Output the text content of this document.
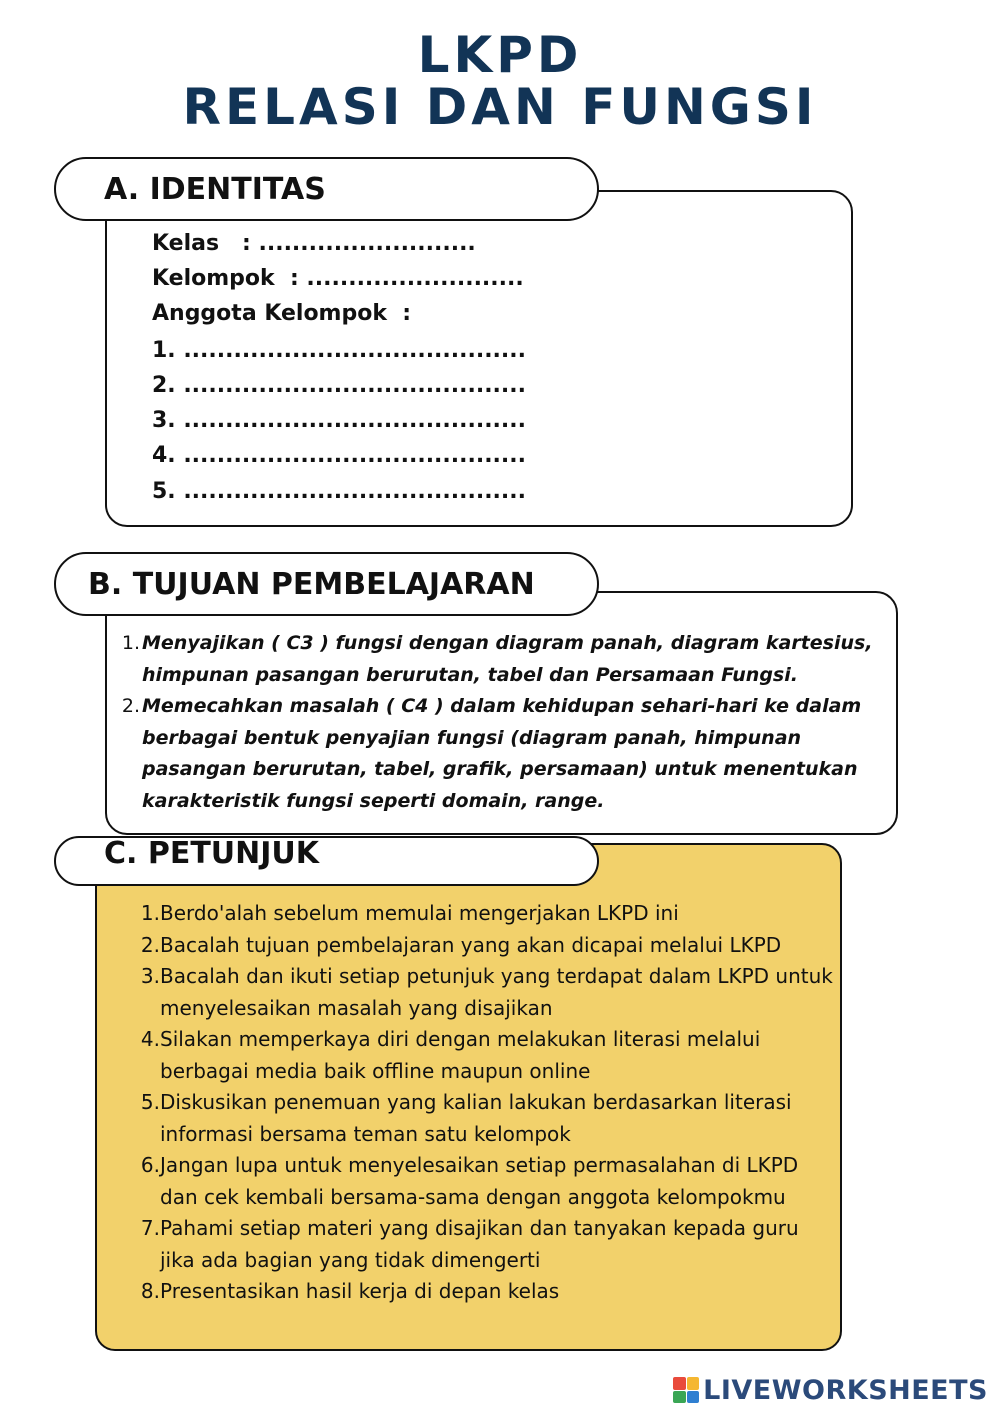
LKPD
RELASI DAN FUNGSI
A. IDENTITAS
Kelas   : ..........................
Kelompok  : ..........................
Anggota Kelompok  :
1. .........................................
2. .........................................
3. .........................................
4. .........................................
5. .........................................
B. TUJUAN PEMBELAJARAN
1. Menyajikan ( C3 ) fungsi dengan diagram panah, diagram kartesius, himpunan pasangan berurutan, tabel dan Persamaan Fungsi.
2. Memecahkan masalah ( C4 ) dalam kehidupan sehari-hari ke dalam berbagai bentuk penyajian fungsi (diagram panah, himpunan pasangan berurutan, tabel, grafik, persamaan) untuk menentukan karakteristik fungsi seperti domain, range.
C. PETUNJUK
1. Berdo'alah sebelum memulai mengerjakan LKPD ini
2. Bacalah tujuan pembelajaran yang akan dicapai melalui LKPD
3. Bacalah dan ikuti setiap petunjuk yang terdapat dalam LKPD untuk menyelesaikan masalah yang disajikan
4. Silakan memperkaya diri dengan melakukan literasi melalui berbagai media baik offline maupun online
5. Diskusikan penemuan yang kalian lakukan berdasarkan literasi informasi bersama teman satu kelompok
6. Jangan lupa untuk menyelesaikan setiap permasalahan di LKPD dan cek kembali bersama-sama dengan anggota kelompokmu
7. Pahami setiap materi yang disajikan dan tanyakan kepada guru jika ada bagian yang tidak dimengerti
8. Presentasikan hasil kerja di depan kelas
LIVEWORKSHEETS
